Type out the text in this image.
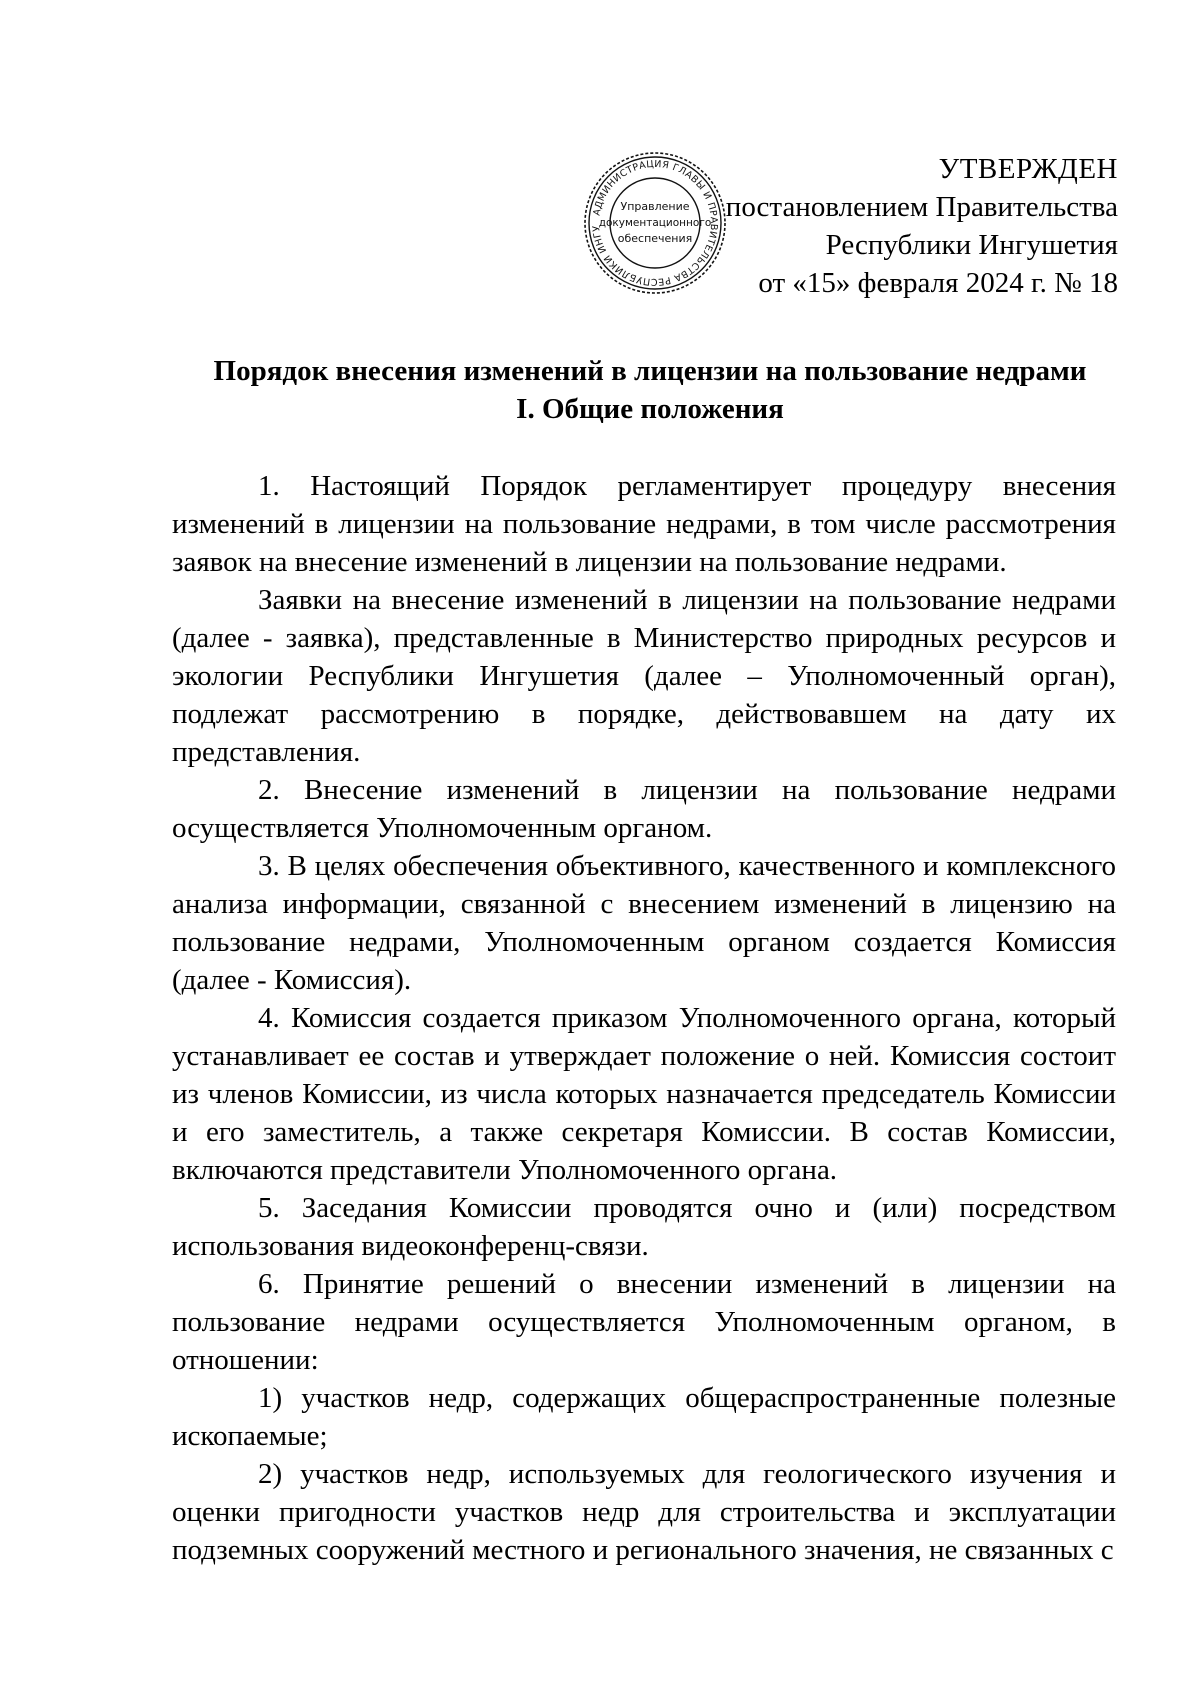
АДМИНИСТРАЦИЯ ГЛАВЫ И ПРАВИТЕЛЬСТВА РЕСПУБЛИКИ ИНГУ
Управление
документационного
обеспечения
УТВЕРЖДЕН
постановлением Правительства
Республики Ингушетия
от «15» февраля 2024 г. № 18
Порядок внесения изменений в лицензии на пользование недрами
I. Общие положения

1. Настоящий Порядок регламентирует процедуру внесения изменений в лицензии на пользование недрами, в том числе рассмотрения заявок на внесение изменений в лицензии на пользование недрами.

Заявки на внесение изменений в лицензии на пользование недрами (далее - заявка), представленные в Министерство природных ресурсов и экологии Республики Ингушетия (далее – Уполномоченный орган), подлежат рассмотрению в порядке, действовавшем на дату их представления.

2. Внесение изменений в лицензии на пользование недрами осуществляется Уполномоченным органом.

3. В целях обеспечения объективного, качественного и комплексного анализа информации, связанной с внесением изменений в лицензию на пользование недрами, Уполномоченным органом создается Комиссия (далее - Комиссия).

4. Комиссия создается приказом Уполномоченного органа, который устанавливает ее состав и утверждает положение о ней. Комиссия состоит из членов Комиссии, из числа которых назначается председатель Комиссии и его заместитель, а также секретаря Комиссии. В состав Комиссии, включаются представители Уполномоченного органа.

5. Заседания Комиссии проводятся очно и (или) посредством использования видеоконференц-связи.

6. Принятие решений о внесении изменений в лицензии на пользование недрами осуществляется Уполномоченным органом, в отношении:

1) участков недр, содержащих общераспространенные полезные ископаемые;

2) участков недр, используемых для геологического изучения и оценки пригодности участков недр для строительства и эксплуатации подземных сооружений местного и регионального значения, не связанных с
